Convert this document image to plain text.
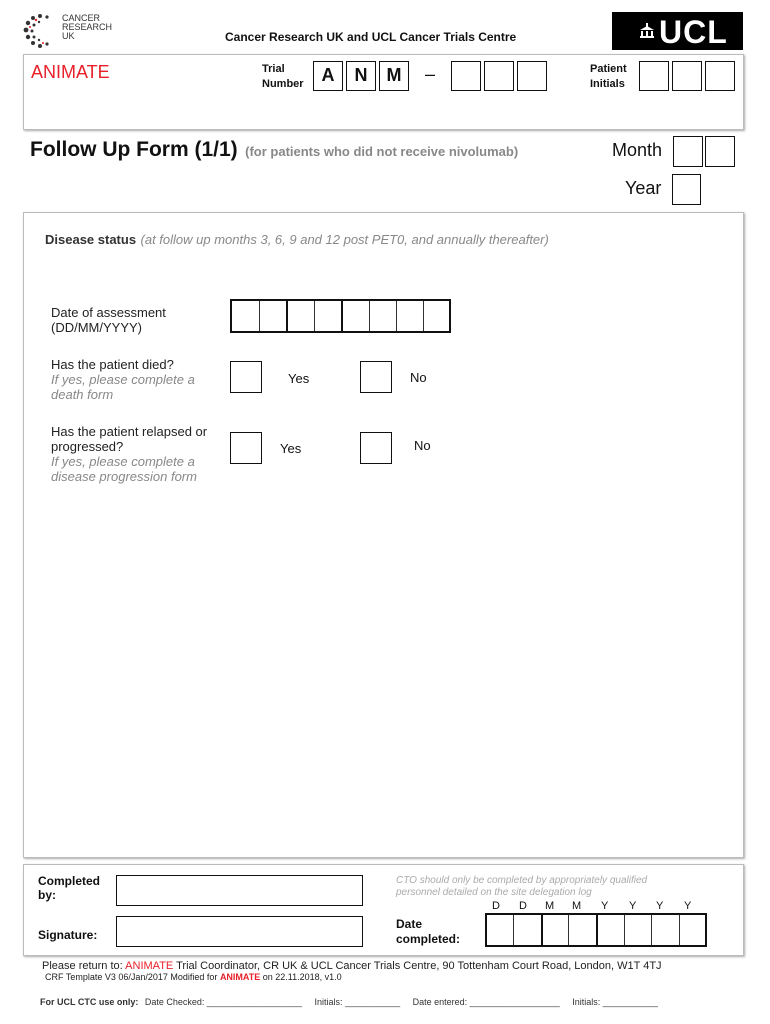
CANCER
RESEARCH
UK	Cancer Research UK and UCL Cancer Trials Centre	UCL
ANIMATE	Trial
Number A	N	M	–	Patient
Initials
Follow Up Form (1/1) (for patients who did not receive nivolumab)	Month
Year
Disease status (at follow up months 3, 6, 9 and 12 post PET0, and annually thereafter)
Date of assessment
(DD/MM/YYYY)
Has the patient died?
If yes, please complete a
death form
Yes	No
Has the patient relapsed or
progressed?
If yes, please complete a
disease progression form
Yes	No
Completed
by:
Signature:
CTO should only be completed by appropriately qualified
personnel detailed on the site delegation log
D D M M Y Y Y Y
Date
completed:
Please return to: ANIMATE Trial Coordinator, CR UK & UCL Cancer Trials Centre, 90 Tottenham Court Road, London, W1T 4TJ
CRF Template V3 06/Jan/2017 Modified for ANIMATE on 22.11.2018, v1.0
For UCL CTC use only: Date Checked: ___________________ Initials: ___________ Date entered: __________________ Initials: ___________
